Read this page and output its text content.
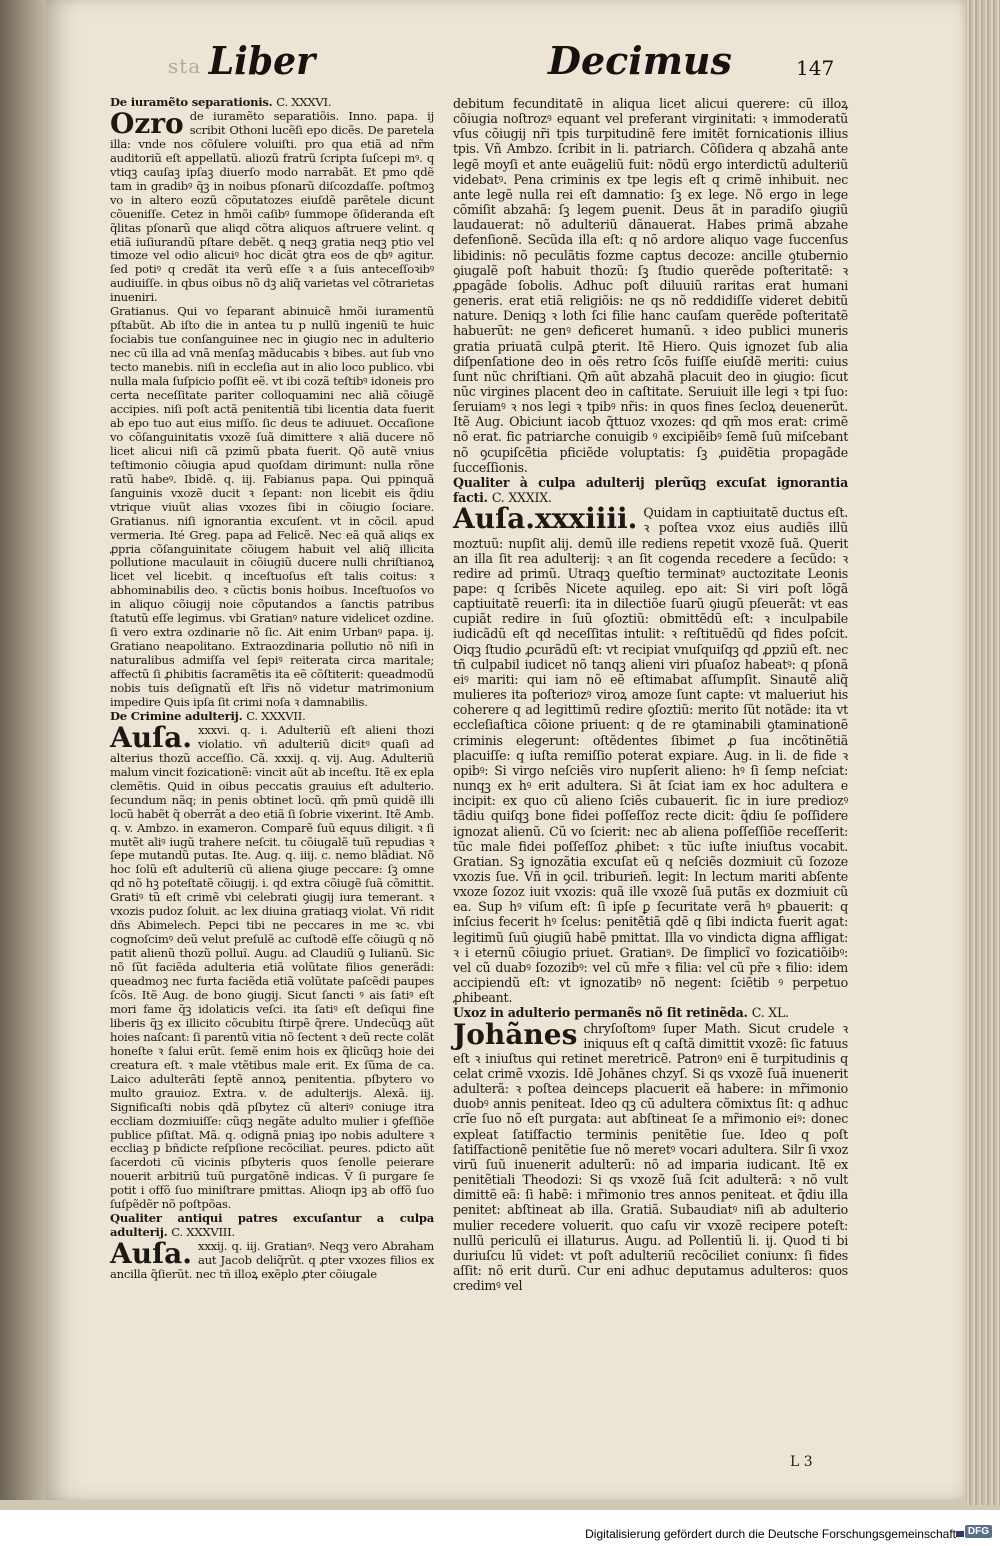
sta Liber	Decimus	147
De iuramẽto separationis. C. XXXVI.

Ozro de iuramẽto separatiõis. Inno. papa. ij scribit Othoni lucẽſi epo dicẽs. De paretela illa: vnde nos cõſulere voluiſti. pro qua etiã ad nr̃m auditoriũ eſt appellatũ. aliozũ fratrũ ſcripta ſuſcepi mꝰ. q vtiqꝫ cauſaꝫ ipſaꝫ diuerſo modo narrabãt. Et pmo qdẽ tam in gradibꝰ q̃ꝫ in noibus pſonarũ diſcozdaſſe. poſtmoꝫ vo in altero eozũ cõputatozes eiuſdẽ parẽtele dicunt cõueniſſe. Cetez in hmõi caſibꝰ ſummope õſideranda eſt q̃litas pſonarũ que aliqd cõtra aliquos aſtruere velint. q etiã iuſiurandũ pſtare debẽt. ꝗ neqꝫ gratia neqꝫ ptio vel timoze vel odio alicuiꝰ hoc dicãt ꝯtra eos de qbꝰ agitur. ſed potiꝰ q credãt ita verũ eſſe ꝛ a ſuis anteceſſoꝛibꝰ audiuiſſe. in qbus oibus nõ dꝫ aliq̃ varietas vel cõtrarietas inueniri.

Gratianus. Qui vo ſeparant abinuicẽ hmõi iuramentũ pſtabũt. Ab iſto die in antea tu p nullũ ingeniũ te huic ſociabis tue conſanguinee nec in ꝯiugio nec in adulterio nec cũ illa ad vnã menſaꝫ mãducabis ꝛ bibes. aut ſub vno tecto manebis. niſi in eccleſia aut in alio loco publico. vbi nulla mala ſuſpicio poſſit eẽ. vt ibi cozã teſtibꝰ idoneis pro certa neceſſitate pariter colloquamini nec aliã cõiugẽ accipies. niſi poſt actã penitentiã tibi licentia data fuerit ab epo tuo aut eius miſſo. ſic deus te adiuuet. Occaſione vo cõſanguinitatis vxozẽ ſuã dimittere ꝛ aliã ducere nõ licet alicui niſi cã pzimũ pbata fuerit. Qõ autẽ vnius teſtimonio cõiugia apud quoſdam dirimunt: nulla rõne ratũ habeꝰ. Ibidẽ. q. iij. Fabianus papa. Qui ppinquã ſanguinis vxozẽ ducit ꝛ ſepant: non licebit eis q̃diu vtrique viuũt alias vxozes ſibi in cõiugio ſociare. Gratianus. niſi ignorantia excuſent. vt in cõcil. apud vermeria. Ité Greg. papa ad Felicẽ. Nec eã quã aliqs ex ꝓpria cõſanguinitate cõiugem habuit vel aliq̃ illicita pollutione maculauit in cõiugiũ ducere nulli chriſtianoꝝ licet vel licebit. q inceſtuoſus eſt talis coitus: ꝛ abhominabilis deo. ꝛ cũctis bonis hoibus. Inceſtuoſos vo in aliquo cõiugij noie cõputandos a ſanctis patribus ſtatutũ eſſe legimus. vbi Gratianꝰ nature videlicet ozdine. ſi vero extra ozdinarie nõ ſic. Ait enim Urbanꝰ papa. ij. Gratiano neapolitano. Extraozdinaria pollutio nõ niſi in naturalibus admiſſa vel ſepiꝰ reiterata circa maritale; affectũ ſi ꝓhibitis ſacramẽtis ita eẽ cõſtiterit: queadmodũ nobis tuis deſignatũ eſt lr̃is nõ videtur matrimonium impedire Quis ipſa ſit crimi noſa ꝛ damnabilis.

De Crimine adulterij. C. XXXVII.

Auſa. xxxvi. q. i. Adulteriũ eſt alieni thozi violatio. vñ adulteriũ dicitꝰ quaſi ad alterius thozũ acceſſio. Cã. xxxij. q. vij. Aug. Adulteriũ malum vincit fozicationẽ: vincit aũt ab inceſtu. Itẽ ex epla clemẽtis. Quid in oibus peccatis grauius eſt adulterio. ſecundum nãq; in penis obtinet locũ. qm̃ pmũ quidẽ illi locũ habẽt q̃ oberrãt a deo etiã ſi ſobrie vixerint. Itẽ Amb. q. v. Ambzo. in exameron. Comparẽ ſuũ equus diligit. ꝛ ſi mutẽt aliꝰ iugũ trahere neſcit. tu cõiugalẽ tuũ repudias ꝛ ſepe mutandũ putas. Ite. Aug. q. iiij. c. nemo blãdiat. Nõ hoc ſolũ eſt adulteriũ cũ aliena ꝯiuge peccare: ſꝫ omne qd nõ hꝫ poteſtatẽ cõiugij. i. qd extra cõiugẽ ſuã cõmittit. Gratiꝰ tũ eſt crimẽ vbi celebrati ꝯiugij iura temerant. ꝛ vxozis pudoz ſoluit. ac lex diuina gratiaqꝫ violat. Vñ ridit dñs Abimelech. Pepci tibi ne peccares in me ꝛc. vbi cognoſcimꝰ deũ velut preſulẽ ac cuſtodẽ eſſe cõiugũ q nõ patit alienũ thozũ polluĩ. Augu. ad Claudiũ ꝯ Iulianũ. Sic nõ ſũt faciẽda adulteria etiã volũtate filios generãdi: queadmoꝫ nec furta faciẽda etiã volũtate paſcẽdi paupes ſcõs. Itẽ Aug. de bono ꝯiugij. Sicut ſancti ꝰ ais ſatiꝰ eſt mori fame q̃ꝫ idolaticis veſci. ita ſatiꝰ eſt deſiqui fine liberis q̃ꝫ ex illicito cõcubitu ſtirpẽ q̃rere. Undecũqꝫ aũt hoies naſcant: ſi parentũ vitia nõ ſectent ꝛ deũ recte colãt honeſte ꝛ ſalui erũt. ſemẽ enim hois ex q̃licũqꝫ hoie dei creatura eſt. ꝛ male vtẽtibus male erit. Ex ſũma de ca. Laico adulterãti ſeptẽ annoꝝ penitentia. pſbytero vo multo grauioz. Extra. v. de adulterijs. Alexã. iij. Significaſti nobis qdã pſbytez cũ alteriꝰ coniuge itra eccliam dozmiuiſſe: cũqꝫ negãte adulto mulier i ꝯfeſſiõe publice pſiſtat. Mã. q. odignã pniaꝫ ipo nobis adultere ꝛ eccliaꝫ p bñdicte reſpſione recõciliat. peures. pdicto aũt ſacerdoti cũ vicinis pſbyteris quos ſenolle peierare nouerit arbitriũ tuũ purgatõnẽ indicas. Ṽ ſi purgare ſe potit i offõ ſuo miniſtrare pmittas. Alioqn ipꝫ ab offõ ſuo ſuſpẽdẽr nõ poſtpõas.

Qualiter antiqui patres excuſantur a culpa adulterij. C. XXXVIII.

Auſa. xxxij. q. iij. Gratianꝰ. Neqꝫ vero Abraham aut Jacob deliq̃rũt. q ꝓter vxozes filios ex ancilla q̃ſierũt. nec tñ illoꝝ exẽplo ꝓter cõiugale

debitum fecunditatẽ in aliqua licet alicui querere: cũ illoꝝ cõiugia noſtrozꝰ equant vel preferant virginitati: ꝛ immoderatũ vſus cõiugij nr̃i tpis turpitudinẽ fere imitẽt fornicationis illius tpis. Vñ Ambzo. ſcribit in li. patriarch. Cõſidera q abzahã ante legẽ moyſi et ante euãgeliũ fuit: nõdũ ergo interdictũ adulteriũ videbatꝰ. Pena criminis ex tpe legis eſt q crimẽ inhibuit. nec ante legẽ nulla rei eſt damnatio: ſꝫ ex lege. Nõ ergo in lege cõmiſit abzahã: ſꝫ legem ꝑuenit. Deus ãt in paradiſo ꝯiugiũ laudauerat: nõ adulteriũ dãnauerat. Habes primã abzahe defenſionẽ. Secũda illa eſt: q nõ ardore aliquo vage ſuccenſus libidinis: nõ peculãtis fozme captus decoze: ancille ꝯtubernio ꝯiugalẽ poſt habuit thozũ: ſꝫ ſtudio querẽde poſteritatẽ: ꝛ ꝓpagãde ſobolis. Adhuc poſt diluuiũ raritas erat humani generis. erat etiã religiõis: ne qs nõ reddidiſſe videret debitũ nature. Deniqꝫ ꝛ loth ſci filie hanc cauſam querẽde poſteritatẽ habuerũt: ne genꝰ deficeret humanũ. ꝛ ideo publici muneris gratia priuatã culpã ꝑterit. Itẽ Hiero. Quis ignozet ſub alia diſpenſatione deo in oẽs retro ſcõs fuiſſe eiuſdẽ meriti: cuius ſunt nũc chriſtiani. Qm̃ aũt abzahã placuit deo in ꝯiugio: ſicut nũc virgines placent deo in caſtitate. Seruiuit ille legi ꝛ tpi ſuo: ſeruiamꝰ ꝛ nos legi ꝛ tpibꝰ nr̃is: in quos fines ſecloꝝ deuenerũt. Itẽ Aug. Obiciunt iacob q̃ttuoz vxozes: qd qm̃ mos erat: crimẽ nõ erat. fic patriarche conuigib ꝰ excipiẽibꝰ ſemẽ ſuũ miſcebant nõ ꝯcupiſcẽtia pficiẽde voluptatis: ſꝫ ꝓuidẽtia propagãde ſucceſſionis.

Qualiter à culpa adulterij plerũqꝫ excuſat ignorantia facti. C. XXXIX.

Auſa.xxxiiii. Quidam in captiuitatẽ ductus eſt. ꝛ poſtea vxoz eius audiẽs illũ moztuũ: nupſit alij. demũ ille rediens repetit vxozẽ ſuã. Querit an illa ſit rea adulterij: ꝛ an ſit cogenda recedere a ſecũdo: ꝛ redire ad primũ. Utraqꝫ queſtio terminatꝰ auctozitate Leonis pape: q ſcribẽs Nicete aquileg. epo ait: Si viri poſt lõgã captiuitatẽ reuerſi: ita in dilectiõe ſuarũ ꝯiugũ pſeuerãt: vt eas cupiãt redire in ſuũ ꝯſoztiũ: obmittẽdũ eſt: ꝛ inculpabile iudicãdũ eſt qd neceſſitas intulit: ꝛ reſtituẽdũ qd fides poſcit. Oiqꝫ ſtudio ꝓcurãdũ eſt: vt recipiat vnuſquiſqꝫ qd ꝓpziũ eſt. nec tñ culpabil iudicet nõ tanqꝫ alieni viri pſuaſoz habeatꝰ: q pſonã eiꝰ mariti: qui iam nõ eẽ eſtimabat aſſumpſit. Sinautẽ aliq̃ mulieres ita poſteriozꝰ viroꝝ amoze ſunt capte: vt malueriut his coherere q ad legittimũ redire ꝯſoztiũ: merito ſũt notãde: ita vt eccleſiaſtica cõione priuent: q de re ꝯtaminabili ꝯtaminationẽ criminis elegerunt: oſtẽdentes ſibimet ꝓ ſua incõtinẽtiã placuiſſe: q iuſta remiſſio poterat expiare. Aug. in li. de fide ꝛ opibꝰ: Si virgo neſciẽs viro nupſerit alieno: hꝰ ſi ſemp neſciat: nunqꝫ ex hꝰ erit adultera. Si ãt ſciat iam ex hoc adultera e incipit: ex quo cũ alieno ſciẽs cubauerit. ſic in iure prediozꝰ tãdiu quiſqꝫ bone fidei poſſeſſoz recte dicit: q̃diu ſe poſſidere ignozat alienũ. Cũ vo ſcierit: nec ab aliena poſſeſſiõe receſſerit: tũc male fidei poſſeſſoz ꝓhibet: ꝛ tũc iuſte iniuſtus vocabit. Gratian. Sꝫ ignozãtia excuſat eũ q neſciẽs dozmiuit cũ ſozoze vxozis ſue. Vñ in ꝯcil. triburieñ. legit: In lectum mariti abſente vxoze ſozoz iuit vxozis: quã ille vxozẽ ſuã putãs ex dozmiuit cũ ea. Sup hꝰ viſum eſt: ſi ipſe ꝑ ſecuritate verã hꝰ ꝑbauerit: q inſcius fecerit hꝰ ſcelus: penitẽtiã qdẽ q ſibi indicta fuerit agat: legitimũ ſuũ ꝯiugiũ habẽ pmittat. Illa vo vindicta digna affligat: ꝛ i eternũ cõiugio priuet. Gratianꝰ. De ſimplicĩ vo fozicatiõibꝰ: vel cũ duabꝰ ſozozibꝰ: vel cũ mr̃e ꝛ filia: vel cũ pr̃e ꝛ filio: idem accipiendũ eſt: vt ignozatibꝰ nõ negent: ſciẽtib ꝰ perpetuo ꝓhibeant.

Uxoz in adulterio permanẽs nõ ſit retinẽda. C. XL.

Johãnes chryſoſtomꝰ ſuper Math. Sicut crudele ꝛ iniquus eſt q caſtã dimittit vxozẽ: ſic fatuus eſt ꝛ iniuſtus qui retinet meretricẽ. Patronꝰ eni ẽ turpitudinis q celat crimẽ vxozis. Idẽ Johãnes chzyſ. Si qs vxozẽ ſuã inuenerit adulterã: ꝛ poſtea deinceps placuerit eã habere: in mr̃imonio duobꝰ annis peniteat. Ideo qꝫ cũ adultera cõmixtus ſit: q adhuc crĩe ſuo nõ eſt purgata: aut abſtineat ſe a mr̃imonio eiꝰ: donec expleat ſatiſfactio terminis penitẽtie ſue. Ideo q poſt ſatiſfactionẽ penitẽtie ſue nõ meretꝰ vocari adultera. Silr ſi vxoz virũ ſuũ inuenerit adulterũ: nõ ad imparia iudicant. Itẽ ex penitẽtiali Theodozi: Si qs vxozẽ ſuã ſcit adulterã: ꝛ nõ vult dimittẽ eã: ſi habẽ: i mr̃imonio tres annos peniteat. et q̃diu illa penitet: abſtineat ab illa. Gratiã. Subaudiatꝰ niſi ab adulterio mulier recedere voluerit. quo caſu vir vxozẽ recipere poteſt: nullũ periculũ ei illaturus. Augu. ad Pollentiũ li. ij. Quod ti bi duriuſcu lũ videt: vt poſt adulteriũ recõciliet coniunx: ſi fides aſſit: nõ erit durũ. Cur eni adhuc deputamus adulteros: quos credimꝰ vel

L 3
Digitalisierung gefördert durch die Deutsche Forschungsgemeinschaft	DFG
